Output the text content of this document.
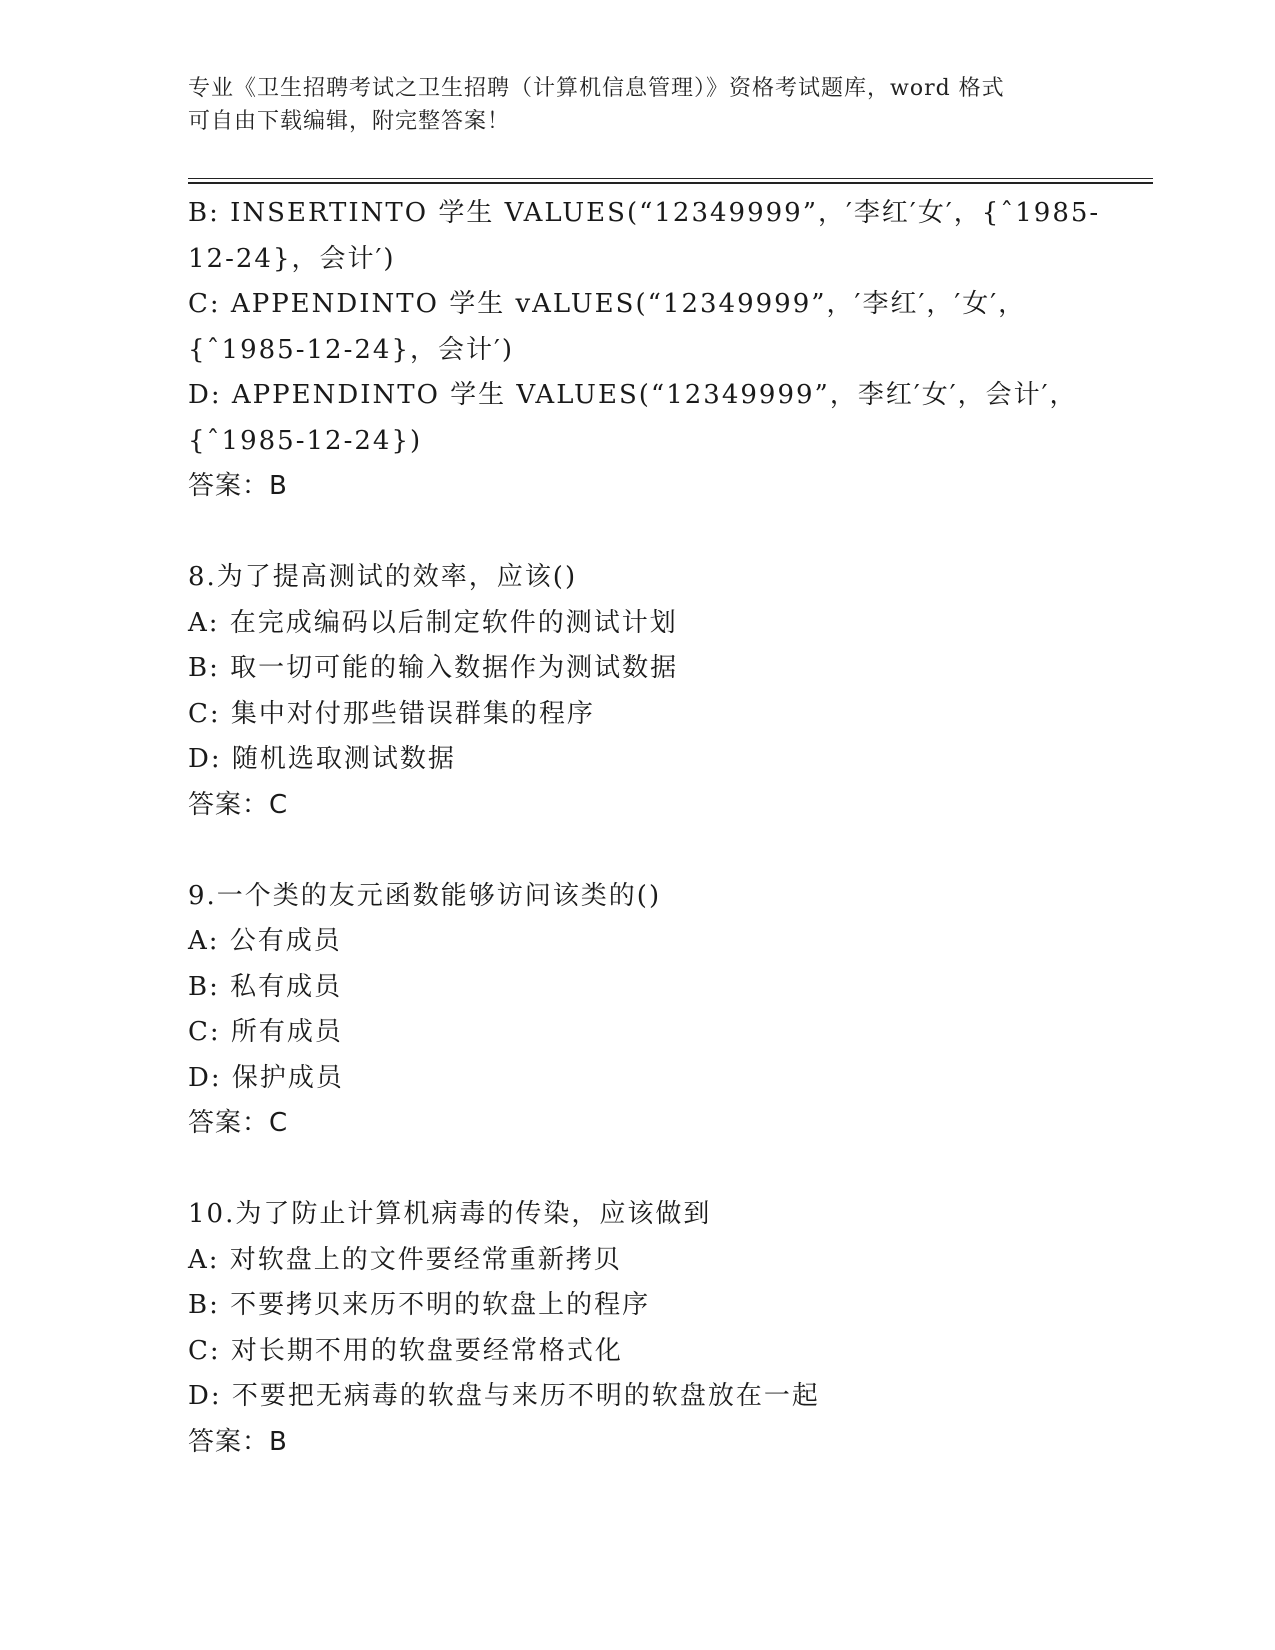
专业《卫生招聘考试之卫生招聘（计算机信息管理）》资格考试题库，word 格式
可自由下载编辑，附完整答案！
B: INSERTINTO 学生 VALUES(“12349999”，′李红′女′，{ˆ1985-
12-24}，会计′)
C: APPENDINTO 学生 vALUES(“12349999”，′李红′，′女′，
{ˆ1985-12-24}，会计′)
D: APPENDINTO 学生 VALUES(“12349999”，李红′女′，会计′，
{ˆ1985-12-24})
答案：B
8.为了提高测试的效率，应该()
A: 在完成编码以后制定软件的测试计划
B: 取一切可能的输入数据作为测试数据
C: 集中对付那些错误群集的程序
D: 随机选取测试数据
答案：C
9.一个类的友元函数能够访问该类的()
A: 公有成员
B: 私有成员
C: 所有成员
D: 保护成员
答案：C
10.为了防止计算机病毒的传染，应该做到
A: 对软盘上的文件要经常重新拷贝
B: 不要拷贝来历不明的软盘上的程序
C: 对长期不用的软盘要经常格式化
D: 不要把无病毒的软盘与来历不明的软盘放在一起
答案：B
